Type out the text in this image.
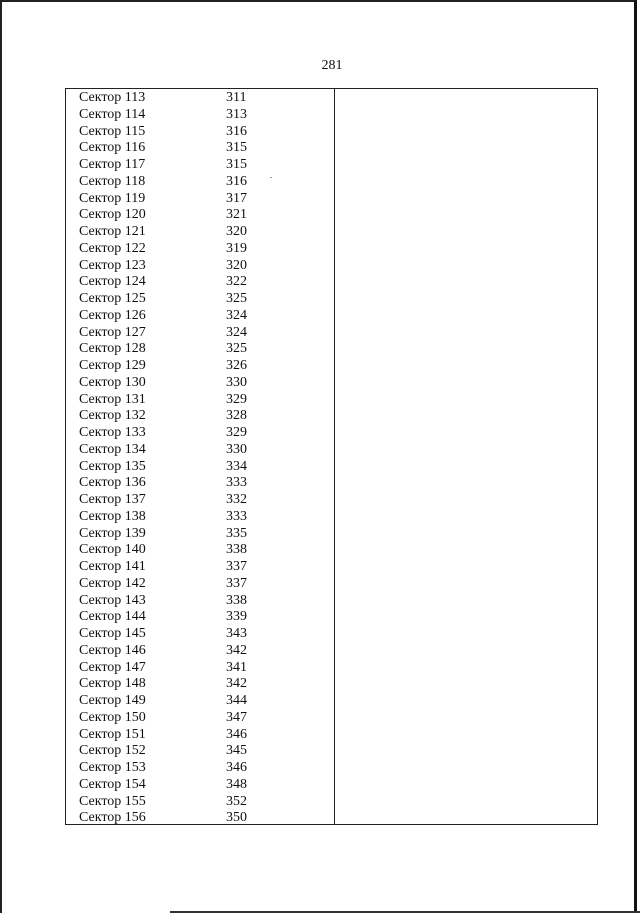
281
Сектор 113	311
Сектор 114	313
Сектор 115	316
Сектор 116	315
Сектор 117	315
Сектор 118	316
Сектор 119	317
Сектор 120	321
Сектор 121	320
Сектор 122	319
Сектор 123	320
Сектор 124	322
Сектор 125	325
Сектор 126	324
Сектор 127	324
Сектор 128	325
Сектор 129	326
Сектор 130	330
Сектор 131	329
Сектор 132	328
Сектор 133	329
Сектор 134	330
Сектор 135	334
Сектор 136	333
Сектор 137	332
Сектор 138	333
Сектор 139	335
Сектор 140	338
Сектор 141	337
Сектор 142	337
Сектор 143	338
Сектор 144	339
Сектор 145	343
Сектор 146	342
Сектор 147	341
Сектор 148	342
Сектор 149	344
Сектор 150	347
Сектор 151	346
Сектор 152	345
Сектор 153	346
Сектор 154	348
Сектор 155	352
Сектор 156	350
